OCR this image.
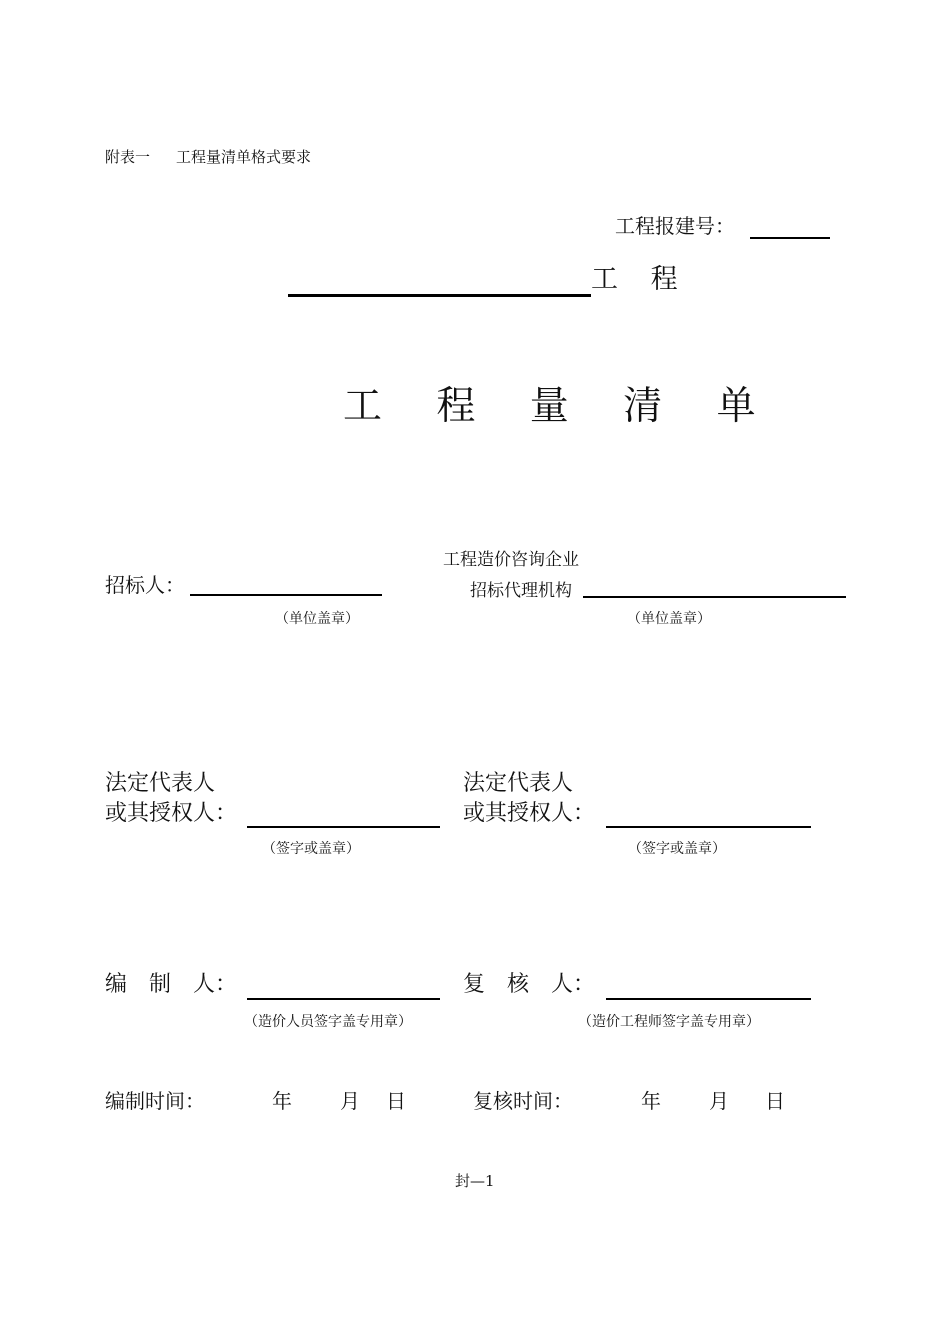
附表一 工程量清单格式要求
工程报建号：
工 程
工 程 量 清 单
工程造价咨询企业
招标人：
（单位盖章）
招标代理机构
（单位盖章）
法定代表人
或其授权人：
（签字或盖章）
法定代表人
或其授权人：
（签字或盖章）
编　制　人：
（造价人员签字盖专用章）
复　核　人：
（造价工程师签字盖专用章）
编制时间：	年 月 日	复核时间：	年 月 日
封—1
